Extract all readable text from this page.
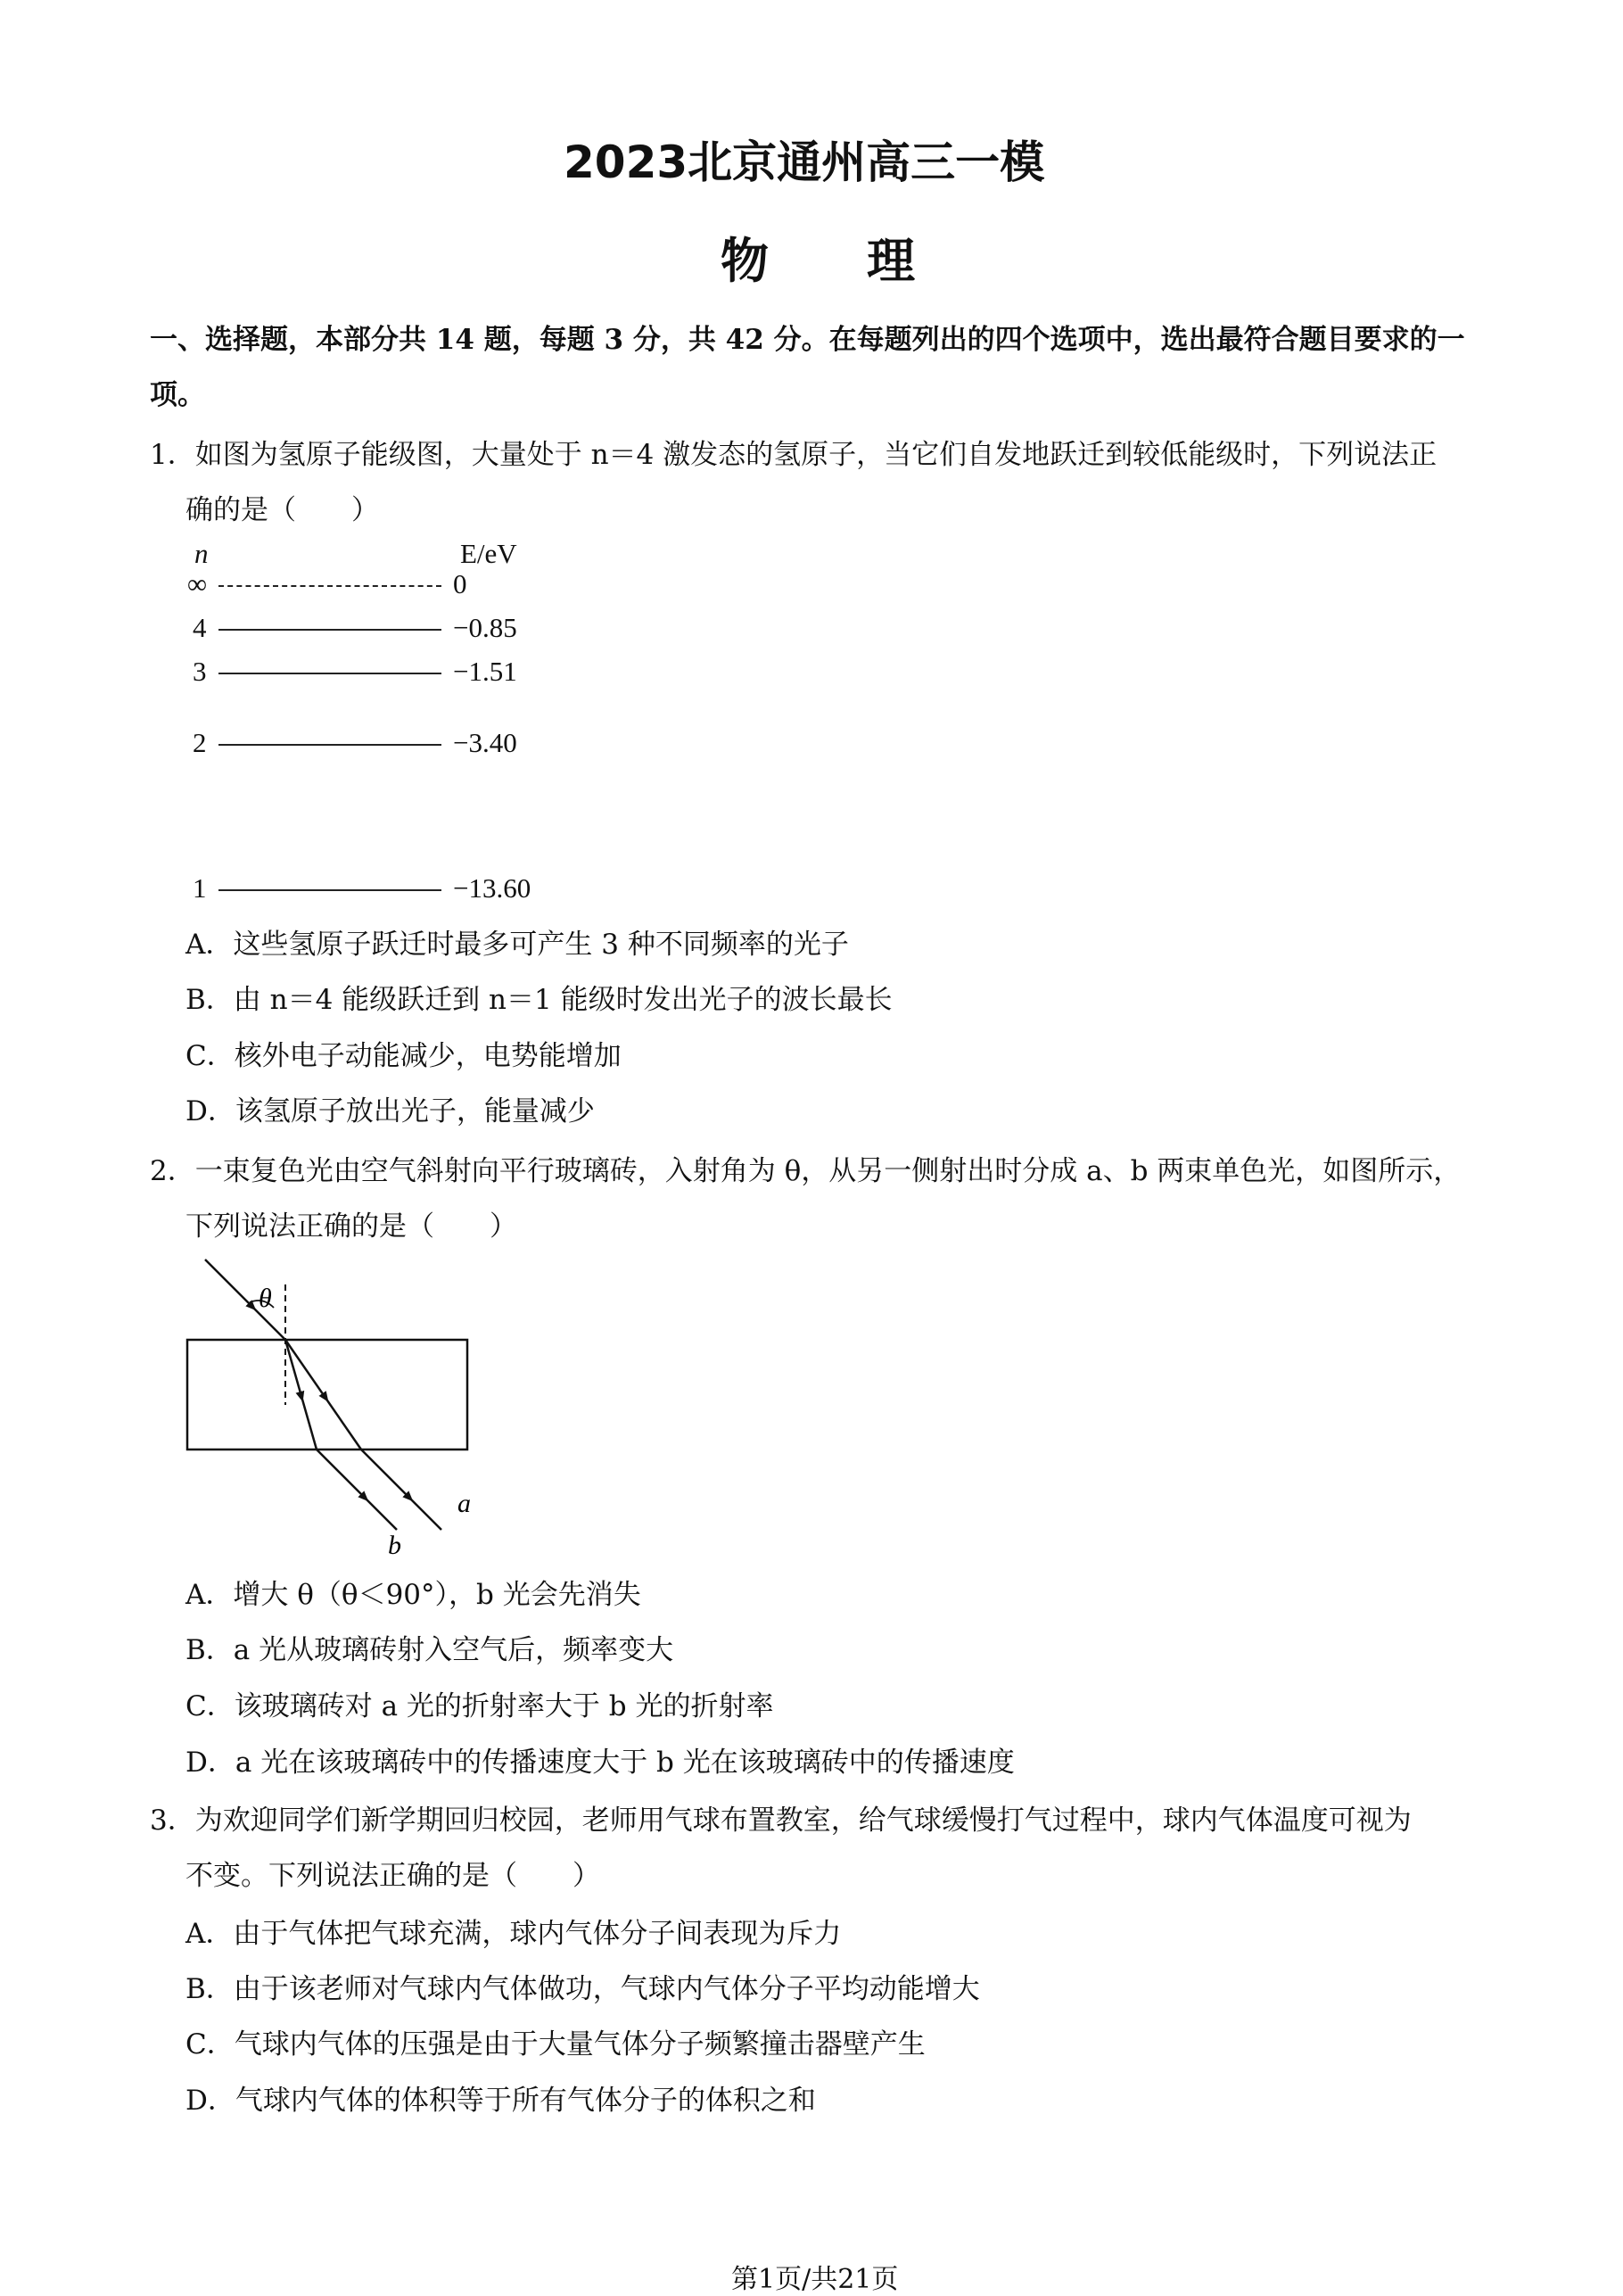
2023北京通州高三一模
物理
一、选择题，本部分共 14 题，每题 3 分，共 42 分。在每题列出的四个选项中，选出最符合题目要求的一
项。
1．如图为氢原子能级图，大量处于 n＝4 激发态的氢原子，当它们自发地跃迁到较低能级时，下列说法正
确的是（　　）
n	E/eV
∞	0
4	−0.85
3	−1.51
2	−3.40
1	−13.60
A．这些氢原子跃迁时最多可产生 3 种不同频率的光子
B．由 n＝4 能级跃迁到 n＝1 能级时发出光子的波长最长
C．核外电子动能减少，电势能增加
D．该氢原子放出光子，能量减少
2．一束复色光由空气斜射向平行玻璃砖，入射角为 θ，从另一侧射出时分成 a、b 两束单色光，如图所示，
下列说法正确的是（　　）
θ
a
b
A．增大 θ（θ＜90°），b 光会先消失
B．a 光从玻璃砖射入空气后，频率变大
C．该玻璃砖对 a 光的折射率大于 b 光的折射率
D．a 光在该玻璃砖中的传播速度大于 b 光在该玻璃砖中的传播速度
3．为欢迎同学们新学期回归校园，老师用气球布置教室，给气球缓慢打气过程中，球内气体温度可视为
不变。下列说法正确的是（　　）
A．由于气体把气球充满，球内气体分子间表现为斥力
B．由于该老师对气球内气体做功，气球内气体分子平均动能增大
C．气球内气体的压强是由于大量气体分子频繁撞击器壁产生
D．气球内气体的体积等于所有气体分子的体积之和
第1页/共21页
